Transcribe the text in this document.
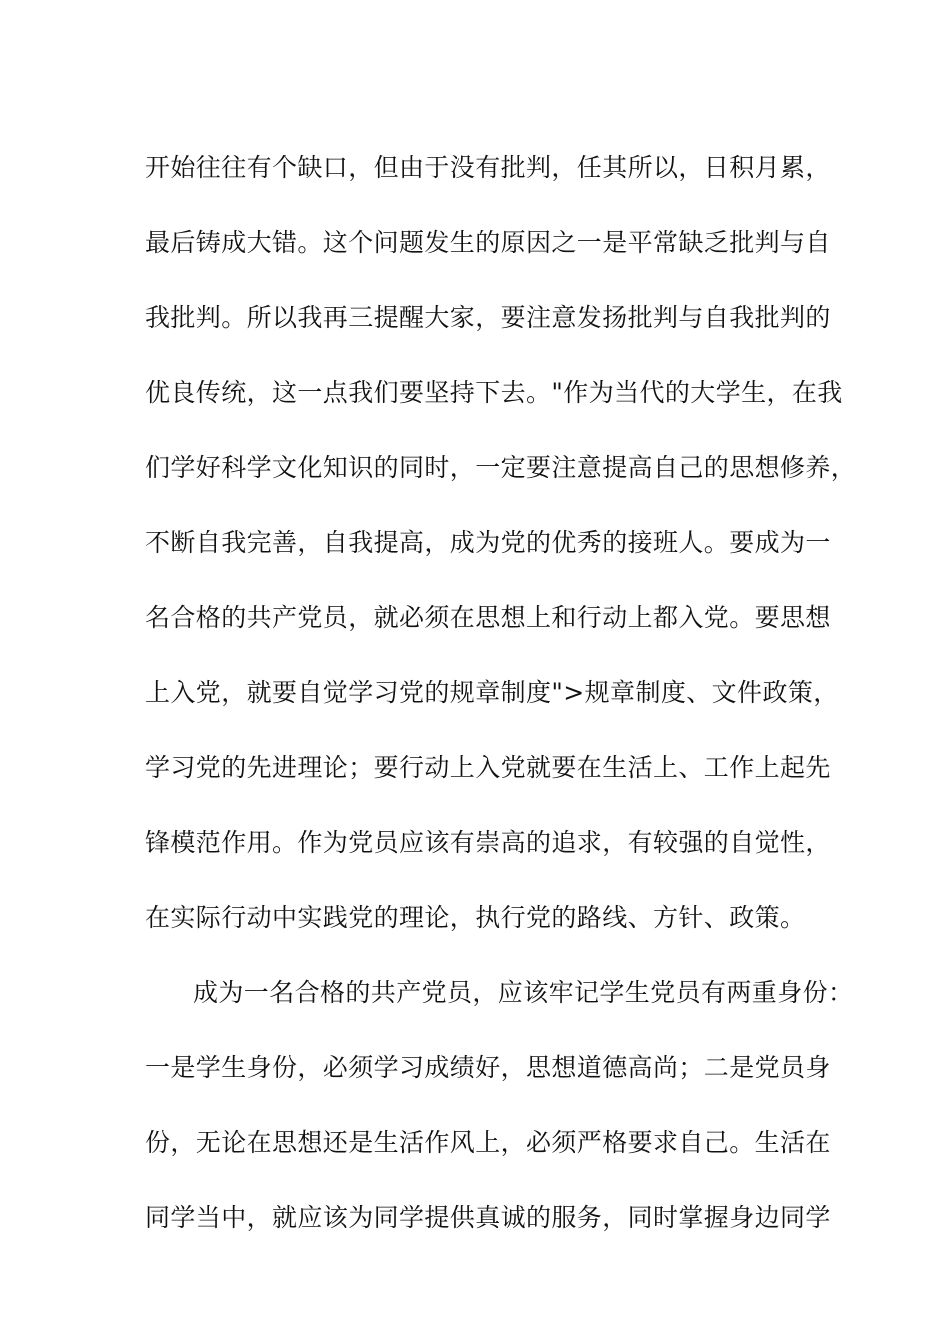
开始往往有个缺口，但由于没有批判，任其所以，日积月累，
最后铸成大错。这个问题发生的原因之一是平常缺乏批判与自
我批判。所以我再三提醒大家，要注意发扬批判与自我批判的
优良传统，这一点我们要坚持下去。"作为当代的大学生，在我
们学好科学文化知识的同时，一定要注意提高自己的思想修养，
不断自我完善，自我提高，成为党的优秀的接班人。要成为一
名合格的共产党员，就必须在思想上和行动上都入党。要思想
上入党，就要自觉学习党的规章制度">规章制度、文件政策，
学习党的先进理论；要行动上入党就要在生活上、工作上起先
锋模范作用。作为党员应该有崇高的追求，有较强的自觉性，
在实际行动中实践党的理论，执行党的路线、方针、政策。
成为一名合格的共产党员，应该牢记学生党员有两重身份：
一是学生身份，必须学习成绩好，思想道德高尚；二是党员身
份，无论在思想还是生活作风上，必须严格要求自己。生活在
同学当中，就应该为同学提供真诚的服务，同时掌握身边同学
